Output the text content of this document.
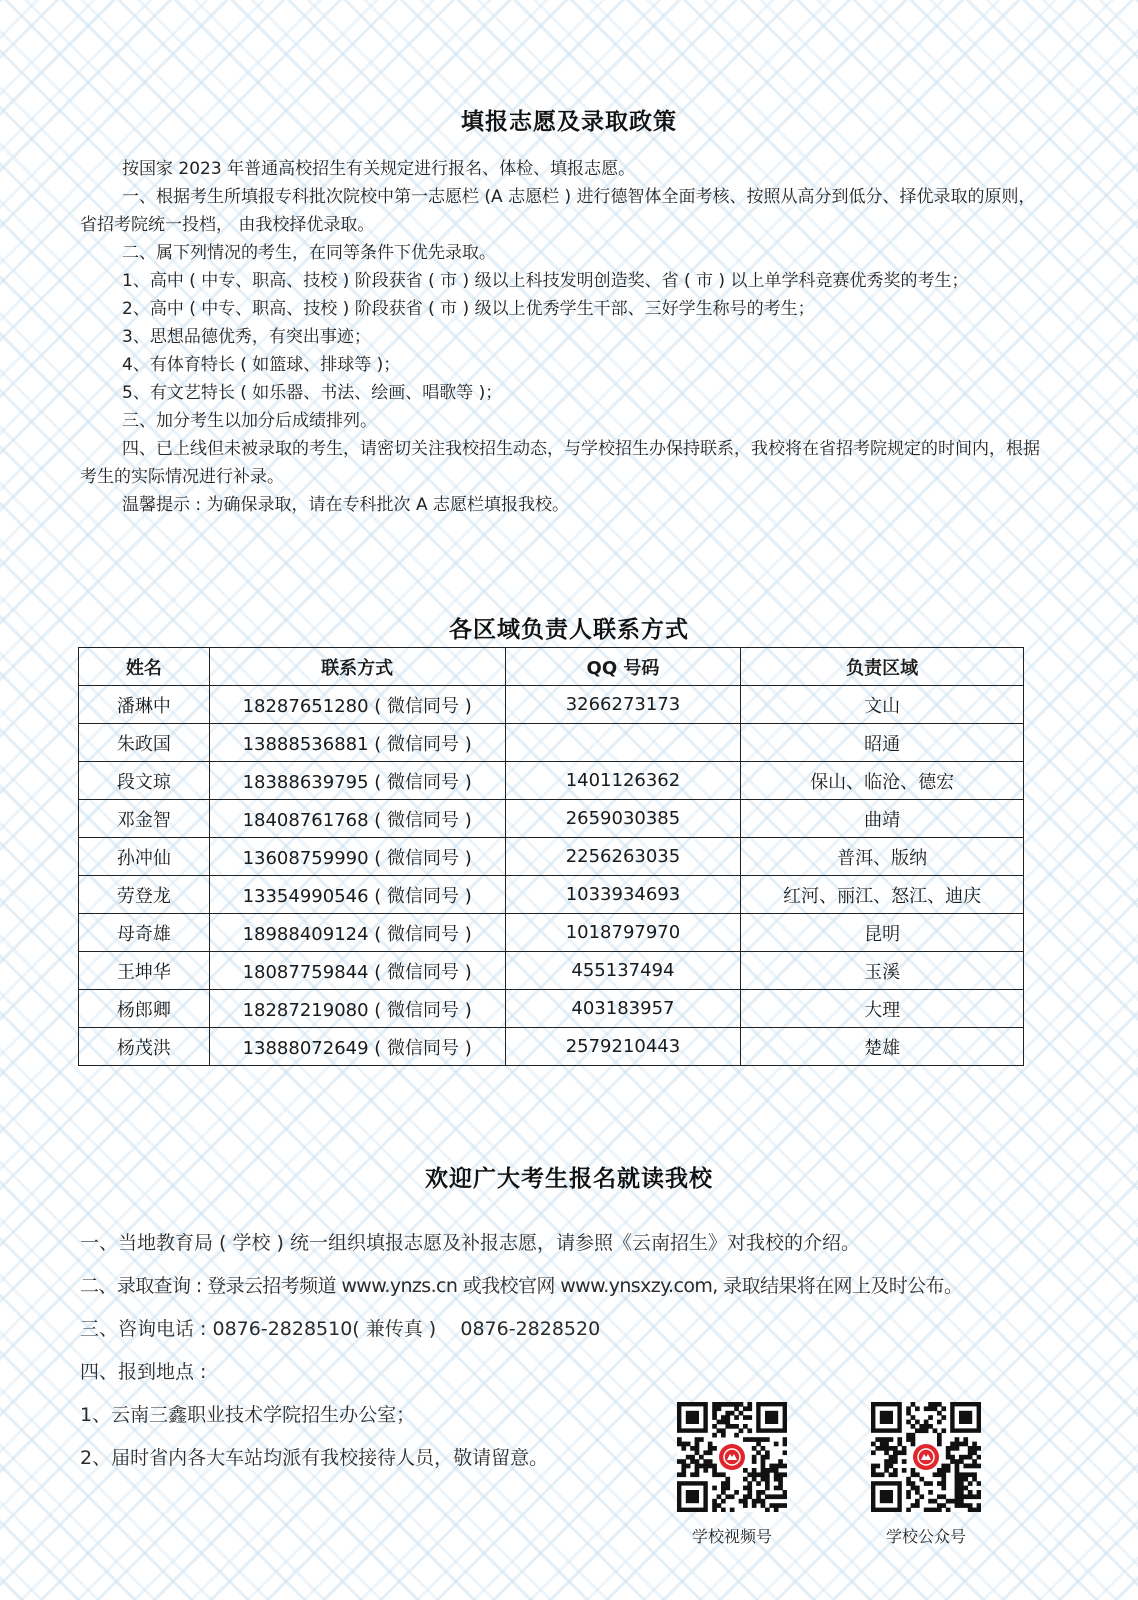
填报志愿及录取政策

按国家 2023 年普通高校招生有关规定进行报名、体检、填报志愿。

一、根据考生所填报专科批次院校中第一志愿栏 (A 志愿栏 ) 进行德智体全面考核、按照从高分到低分、择优录取的原则，省招考院统一投档， 由我校择优录取。

二、属下列情况的考生，在同等条件下优先录取。

1、高中 ( 中专、职高、技校 ) 阶段获省 ( 市 ) 级以上科技发明创造奖、省 ( 市 ) 以上单学科竞赛优秀奖的考生；

2、高中 ( 中专、职高、技校 ) 阶段获省 ( 市 ) 级以上优秀学生干部、三好学生称号的考生；

3、思想品德优秀，有突出事迹；

4、有体育特长 ( 如篮球、排球等 )；

5、有文艺特长 ( 如乐器、书法、绘画、唱歌等 )；

三、加分考生以加分后成绩排列。

四、已上线但未被录取的考生，请密切关注我校招生动态，与学校招生办保持联系，我校将在省招考院规定的时间内，根据考生的实际情况进行补录。

温馨提示 : 为确保录取，请在专科批次 A 志愿栏填报我校。

各区域负责人联系方式
姓名	联系方式	QQ 号码	负责区域
潘琳中	18287651280 ( 微信同号 )	3266273173	文山
朱政国	13888536881 ( 微信同号 )		昭通
段文琼	18388639795 ( 微信同号 )	1401126362	保山、临沧、德宏
邓金智	18408761768 ( 微信同号 )	2659030385	曲靖
孙冲仙	13608759990 ( 微信同号 )	2256263035	普洱、版纳
劳登龙	13354990546 ( 微信同号 )	1033934693	红河、丽江、怒江、迪庆
母奇雄	18988409124 ( 微信同号 )	1018797970	昆明
王坤华	18087759844 ( 微信同号 )	455137494	玉溪
杨郎卿	18287219080 ( 微信同号 )	403183957	大理
杨茂洪	13888072649 ( 微信同号 )	2579210443	楚雄
欢迎广大考生报名就读我校
一、当地教育局 ( 学校 ) 统一组织填报志愿及补报志愿，请参照《云南招生》对我校的介绍。
二、录取查询 : 登录云招考频道 www.ynzs.cn 或我校官网 www.ynsxzy.com, 录取结果将在网上及时公布。
三、咨询电话 : 0876-2828510( 兼传真 )    0876-2828520
四、报到地点 :
1、云南三鑫职业技术学院招生办公室；
2、届时省内各大车站均派有我校接待人员，敬请留意。
学校视频号	学校公众号
